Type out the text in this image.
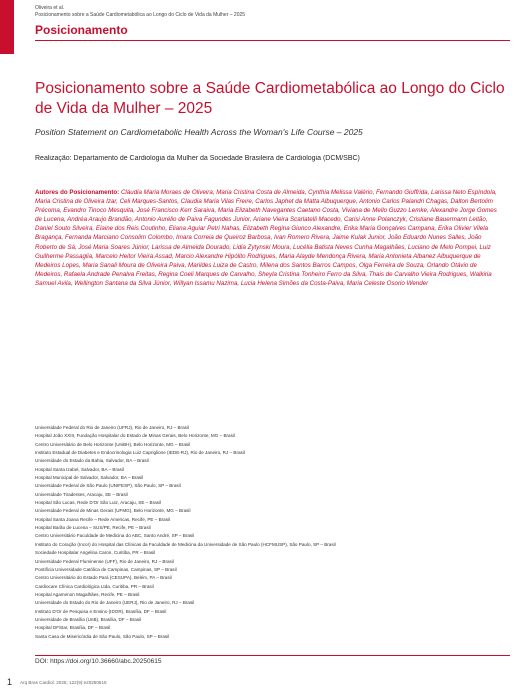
Oliveira et al.
Posicionamento sobre a Saúde Cardiometabólica ao Longo do Ciclo de Vida da Mulher – 2025
Posicionamento
Posicionamento sobre a Saúde Cardiometabólica ao Longo do Ciclo de Vida da Mulher – 2025
Position Statement on Cardiometabolic Health Across the Woman's Life Course – 2025
Realização: Departamento de Cardiologia da Mulher da Sociedade Brasileira de Cardiologia (DCM/SBC)
Autores do Posicionamento: Cláudia Maria Moraes de Oliveira, Maria Cristina Costa de Almeida, Cynthia Melissa Valério, Fernando Giuffrida, Larissa Neto Espíndola, Maria Cristina de Oliveira Izar, Celi Marques-Santos, Claudia Maria Vilas Freire, Carlos Japhet da Matta Albuquerque, Antonio Carlos Palandri Chagas, Dalton Bertolim Précoma, Evandro Tinoco Mesquita, José Francisco Kerr Saraiva, Maria Elizabeth Navegantes Caetano Costa, Viviana de Mello Guzzo Lemke, Alexandre Jorge Gomes de Lucena, Andréa Araujo Brandão, Antonio Aurélio de Paiva Fagundes Junior, Ariane Vieira Scarlatelli Macedo, Carisi Anne Polanczyk, Cristiane Bauermann Leitão, Daniel Souto Silveira, Elaine dos Reis Coutinho, Eliana Aguiar Petri Nahas, Elizabeth Regina Giunco Alexandre, Erika Maria Gonçalves Campana, Erika Olivier Vilela Bragança, Fernanda Marciano Consolim Colombo, Imara Correia de Queiroz Barbosa, Ivan Romero Rivera, Jaime Kulak Junior, João Eduardo Nunes Salles, João Roberto de Sá, José Maria Soares Júnior, Larissa de Almeida Dourado, Lidia Zytynski Moura, Lucélia Batista Neves Cunha Magalhães, Luciano de Melo Pompei, Luiz Guilherme Passaglia, Marcelo Heitor Vieira Assad, Marcio Alexandre Hipólito Rodrigues, Maria Alayde Mendonça Rivera, Maria Antonieta Albanez Albuquerque de Medeiros Lopes, Maria Sanali Moura de Oliveira Paiva, Marildes Luiza de Castro, Milena dos Santos Barros Campos, Olga Ferreira de Souza, Orlando Otávio de Medeiros, Rafaela Andrade Penalva Freitas, Regina Coeli Marques de Carvalho, Sheyla Cristina Tonheiro Ferro da Silva, Thais de Carvalho Vieira Rodrigues, Walkiria Samuel Avila, Wellington Santana da Silva Júnior, Willyan Issamu Nazima, Lucia Helena Simões da Costa-Paiva, Maria Celeste Osorio Wender
Universidade Federal do Rio de Janeiro (UFRJ), Rio de Janeiro, RJ – Brasil
Hospital João XXIII, Fundação Hospitalar do Estado de Minas Gerais, Belo Horizonte, MG – Brasil
Centro Universitário de Belo Horizonte (UniBH), Belo Horizonte, MG – Brasil
Instituto Estadual de Diabetes e Endocrinologia Luiz Capriglione (IEDE-RJ), Rio de Janeiro, RJ – Brasil
Universidade do Estado da Bahia, Salvador, BA – Brasil
Hospital Santa Izabel, Salvador, BA – Brasil
Hospital Municipal de Salvador, Salvador, BA – Brasil
Universidade Federal de São Paulo (UNIFESP), São Paulo, SP – Brasil
Universidade Tiradentes, Aracaju, SE – Brasil
Hospital São Lucas, Rede D'Or São Luiz, Aracaju, SE – Brasil
Universidade Federal de Minas Gerais (UFMG), Belo Horizonte, MG – Brasil
Hospital Santa Joana Recife – Rede Americas, Recife, PE – Brasil
Hospital Barão de Lucena – SUS/PE, Recife, PE – Brasil
Centro Universitário Faculdade de Medicina do ABC, Santo André, SP – Brasil
Instituto do Coração (Incor) do Hospital das Clínicas da Faculdade de Medicina da Universidade de São Paulo (HCFMUSP), São Paulo, SP – Brasil
Sociedade Hospitalar Angelina Caron, Curitiba, PR – Brasil
Universidade Federal Fluminense (UFF), Rio de Janeiro, RJ – Brasil
Pontifícia Universidade Católica de Campinas, Campinas, SP – Brasil
Centro Universitário do Estado Pará (CESUPA), Belém, PA – Brasil
Cardiocare Clínica Cardiológica Ltda, Curitiba, PR – Brasil
Hospital Agamenon Magalhães, Recife, PE – Brasil
Universidade do Estado do Rio de Janeiro (UERJ), Rio de Janeiro, RJ – Brasil
Instituto D'Or de Pesquisa e Ensino (IDOR), Brasília, DF – Brasil
Universidade de Brasília (UnB), Brasília, DF – Brasil
Hospital DFStar, Brasília, DF – Brasil
Santa Casa de Misericórdia de São Paulo, São Paulo, SP – Brasil
DOI: https://doi.org/10.36660/abc.20250615
1 Arq Bras Cardiol. 2025; 122(9):e20250615
